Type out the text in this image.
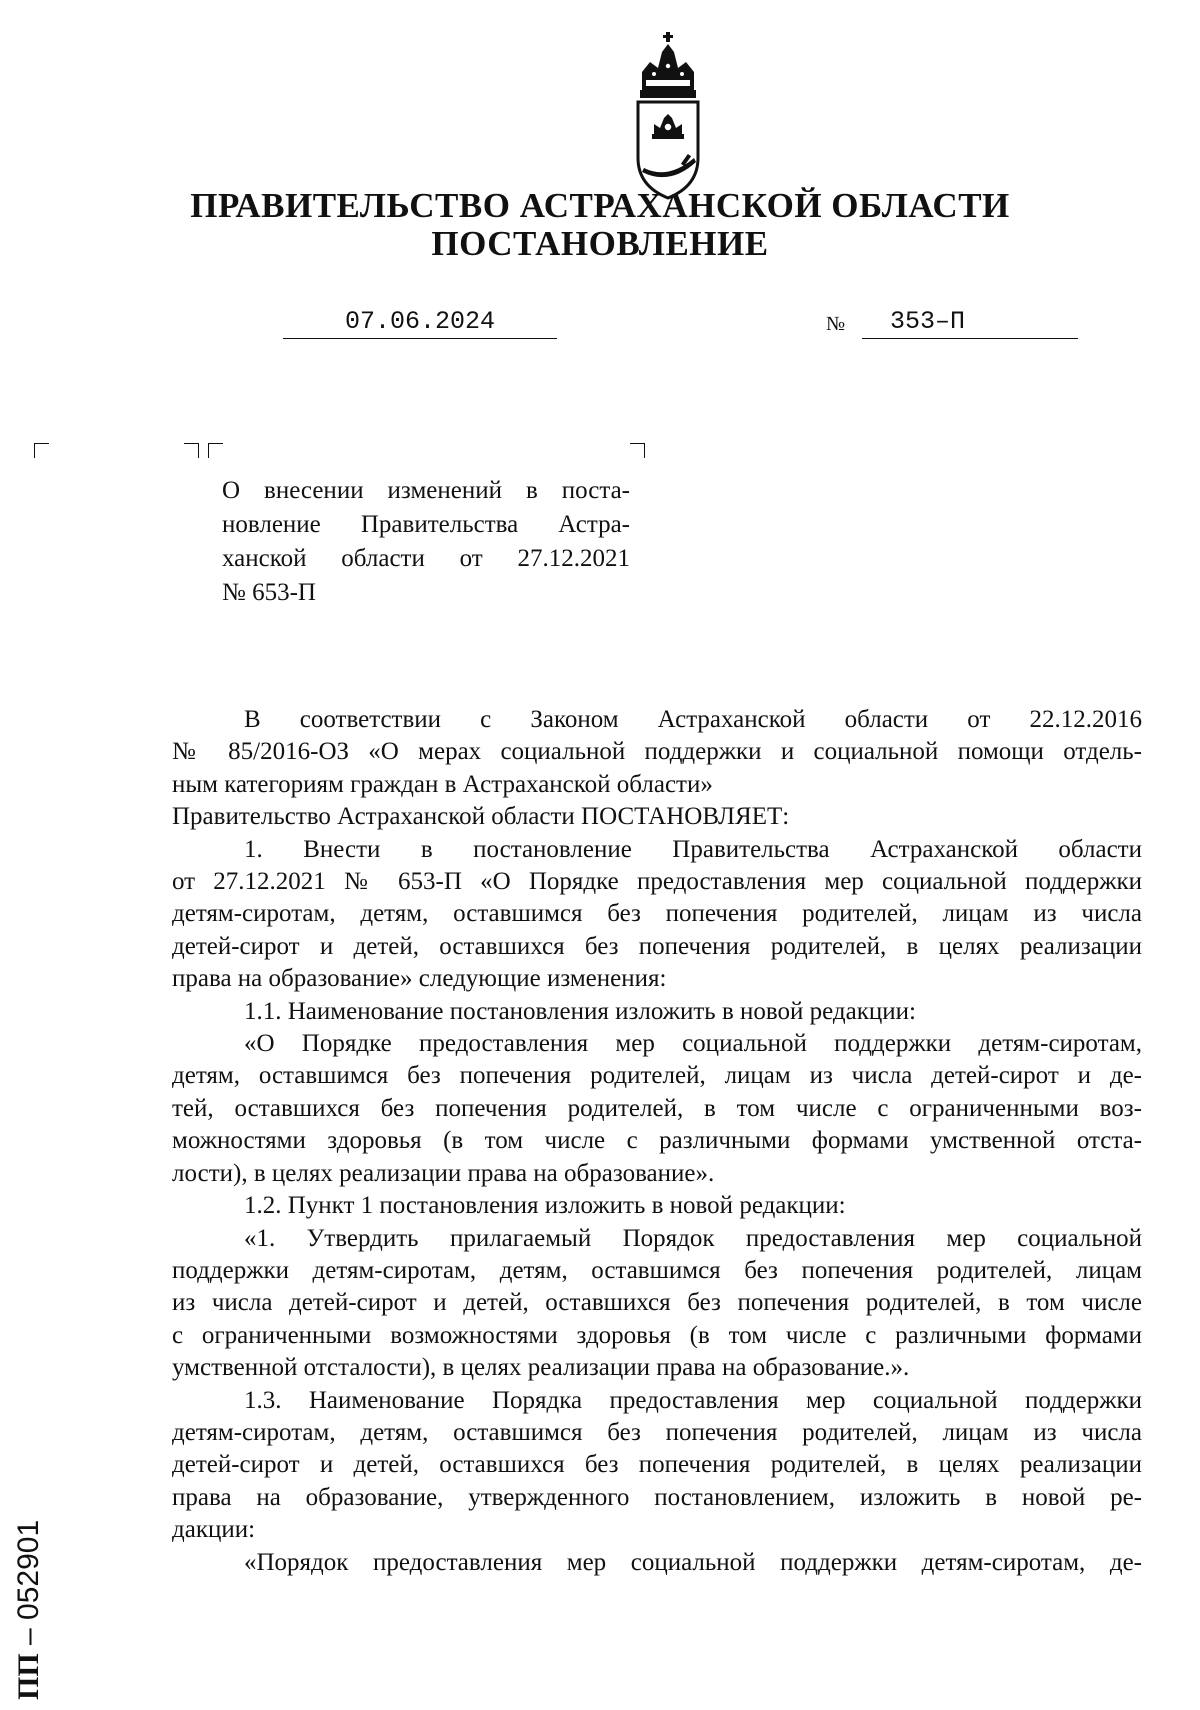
ПРАВИТЕЛЬСТВО АСТРАХАНСКОЙ ОБЛАСТИ
ПОСТАНОВЛЕНИЕ
07.06.2024	№	353–П
О внесении изменений в поста-
новление Правительства Астра-
ханской области от 27.12.2021
№ 653-П

В соответствии с Законом Астраханской области от 22.12.2016
№ 85/2016-ОЗ «О мерах социальной поддержки и социальной помощи отдель-
ным категориям граждан в Астраханской области»

Правительство Астраханской области ПОСТАНОВЛЯЕТ:

1. Внести в постановление Правительства Астраханской области
от 27.12.2021 № 653-П «О Порядке предоставления мер социальной поддержки
детям-сиротам, детям, оставшимся без попечения родителей, лицам из числа
детей-сирот и детей, оставшихся без попечения родителей, в целях реализации
права на образование» следующие изменения:

1.1. Наименование постановления изложить в новой редакции:

«О Порядке предоставления мер социальной поддержки детям-сиротам,
детям, оставшимся без попечения родителей, лицам из числа детей-сирот и де-
тей, оставшихся без попечения родителей, в том числе с ограниченными воз-
можностями здоровья (в том числе с различными формами умственной отста-
лости), в целях реализации права на образование».

1.2. Пункт 1 постановления изложить в новой редакции:

«1. Утвердить прилагаемый Порядок предоставления мер социальной
поддержки детям-сиротам, детям, оставшимся без попечения родителей, лицам
из числа детей-сирот и детей, оставшихся без попечения родителей, в том числе
с ограниченными возможностями здоровья (в том числе с различными формами
умственной отсталости), в целях реализации права на образование.».

1.3. Наименование Порядка предоставления мер социальной поддержки
детям-сиротам, детям, оставшимся без попечения родителей, лицам из числа
детей-сирот и детей, оставшихся без попечения родителей, в целях реализации
права на образование, утвержденного постановлением, изложить в новой ре-
дакции:

«Порядок предоставления мер социальной поддержки детям-сиротам, де-

ПП – 052901
